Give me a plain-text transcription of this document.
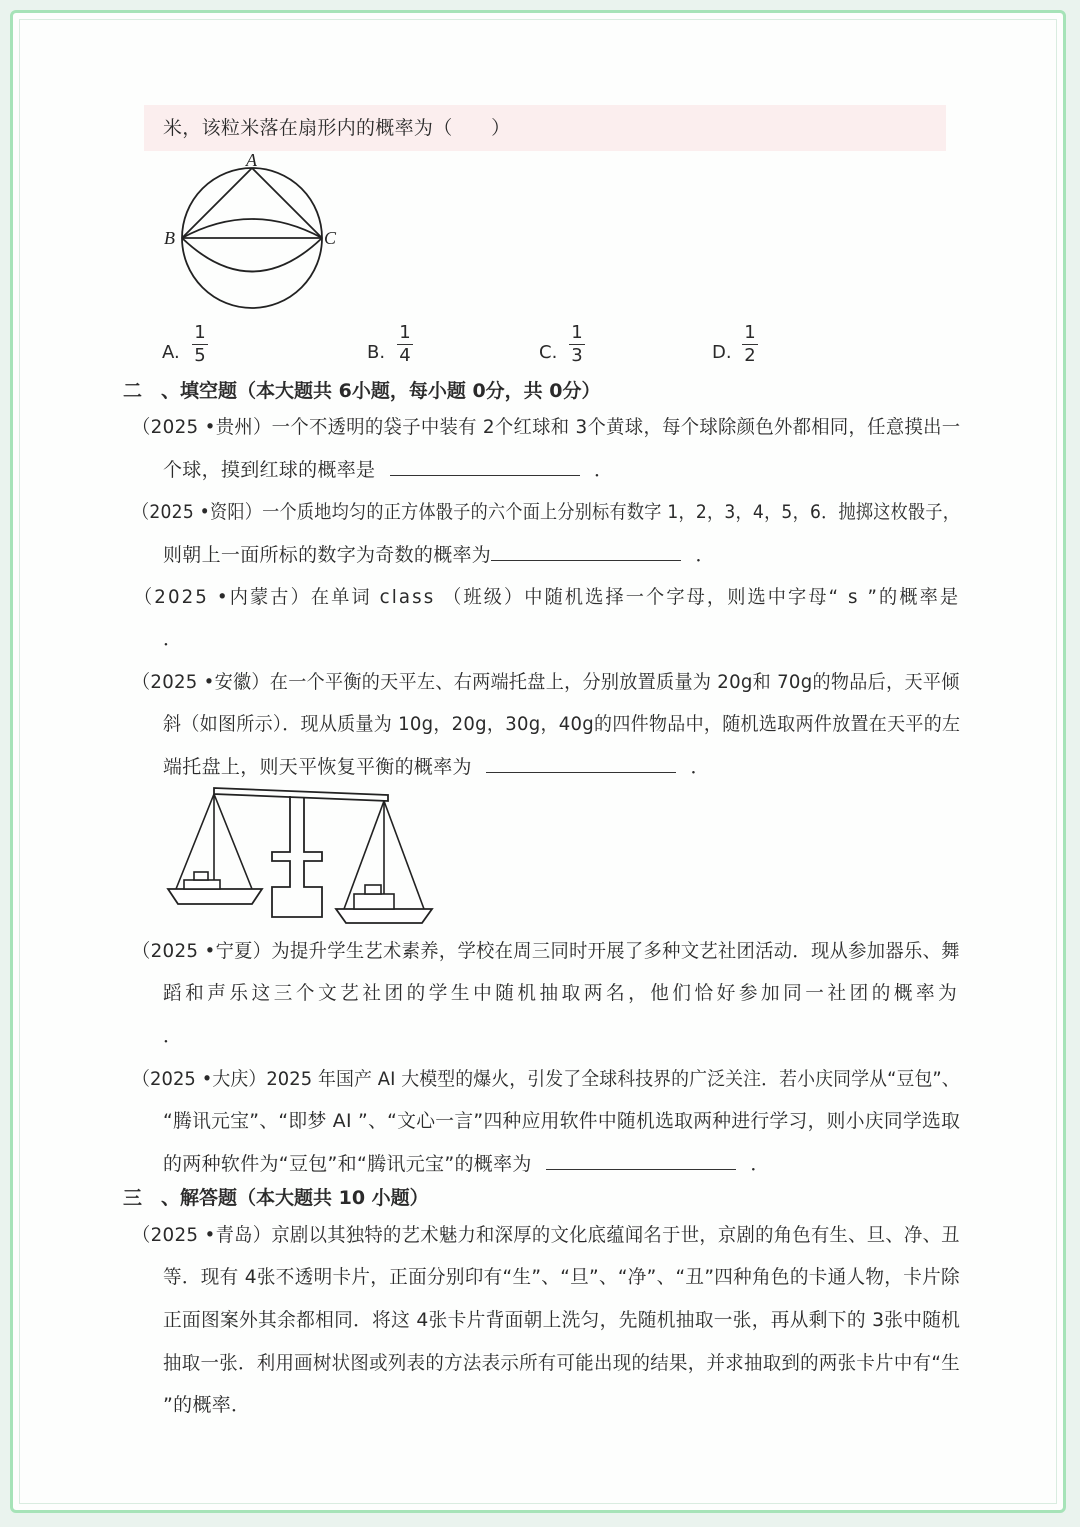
米，该粒米落在扇形内的概率为（　　）
A
B	C
A. $\frac{1}{5}$	B. $\frac{1}{4}$	C. $\frac{1}{3}$	D. $\frac{1}{2}$
二　、填空题（本大题共 6小题，每小题 0分，共 0分）
（2025 •贵州）一个不透明的袋子中装有 2个红球和 3个黄球，每个球除颜色外都相同，任意摸出一
个球，摸到红球的概率是	．
（2025 •资阳）一个质地均匀的正方体骰子的六个面上分别标有数字 1，2，3，4，5，6．抛掷这枚骰子，
则朝上一面所标的数字为奇数的概率为	．
（2025 •内蒙古）在单词 class （班级）中随机选择一个字母，则选中字母“ s ”的概率是
．
（2025 •安徽）在一个平衡的天平左、右两端托盘上，分别放置质量为 20g和 70g的物品后，天平倾
斜（如图所示）．现从质量为 10g，20g，30g，40g的四件物品中，随机选取两件放置在天平的左
端托盘上，则天平恢复平衡的概率为	．
（2025 •宁夏）为提升学生艺术素养，学校在周三同时开展了多种文艺社团活动．现从参加器乐、舞
蹈和声乐这三个文艺社团的学生中随机抽取两名，他们恰好参加同一社团的概率为
．
（2025 •大庆）2025 年国产 AI 大模型的爆火，引发了全球科技界的广泛关注．若小庆同学从“豆包”、
“腾讯元宝”、“即梦 AI ”、“文心一言”四种应用软件中随机选取两种进行学习，则小庆同学选取
的两种软件为“豆包”和“腾讯元宝”的概率为	．
三　、解答题（本大题共 10 小题）
（2025 •青岛）京剧以其独特的艺术魅力和深厚的文化底蕴闻名于世，京剧的角色有生、旦、净、丑
等．现有 4张不透明卡片，正面分别印有“生”、“旦”、“净”、“丑”四种角色的卡通人物，卡片除
正面图案外其余都相同．将这 4张卡片背面朝上洗匀，先随机抽取一张，再从剩下的 3张中随机
抽取一张．利用画树状图或列表的方法表示所有可能出现的结果，并求抽取到的两张卡片中有“生
”的概率．
